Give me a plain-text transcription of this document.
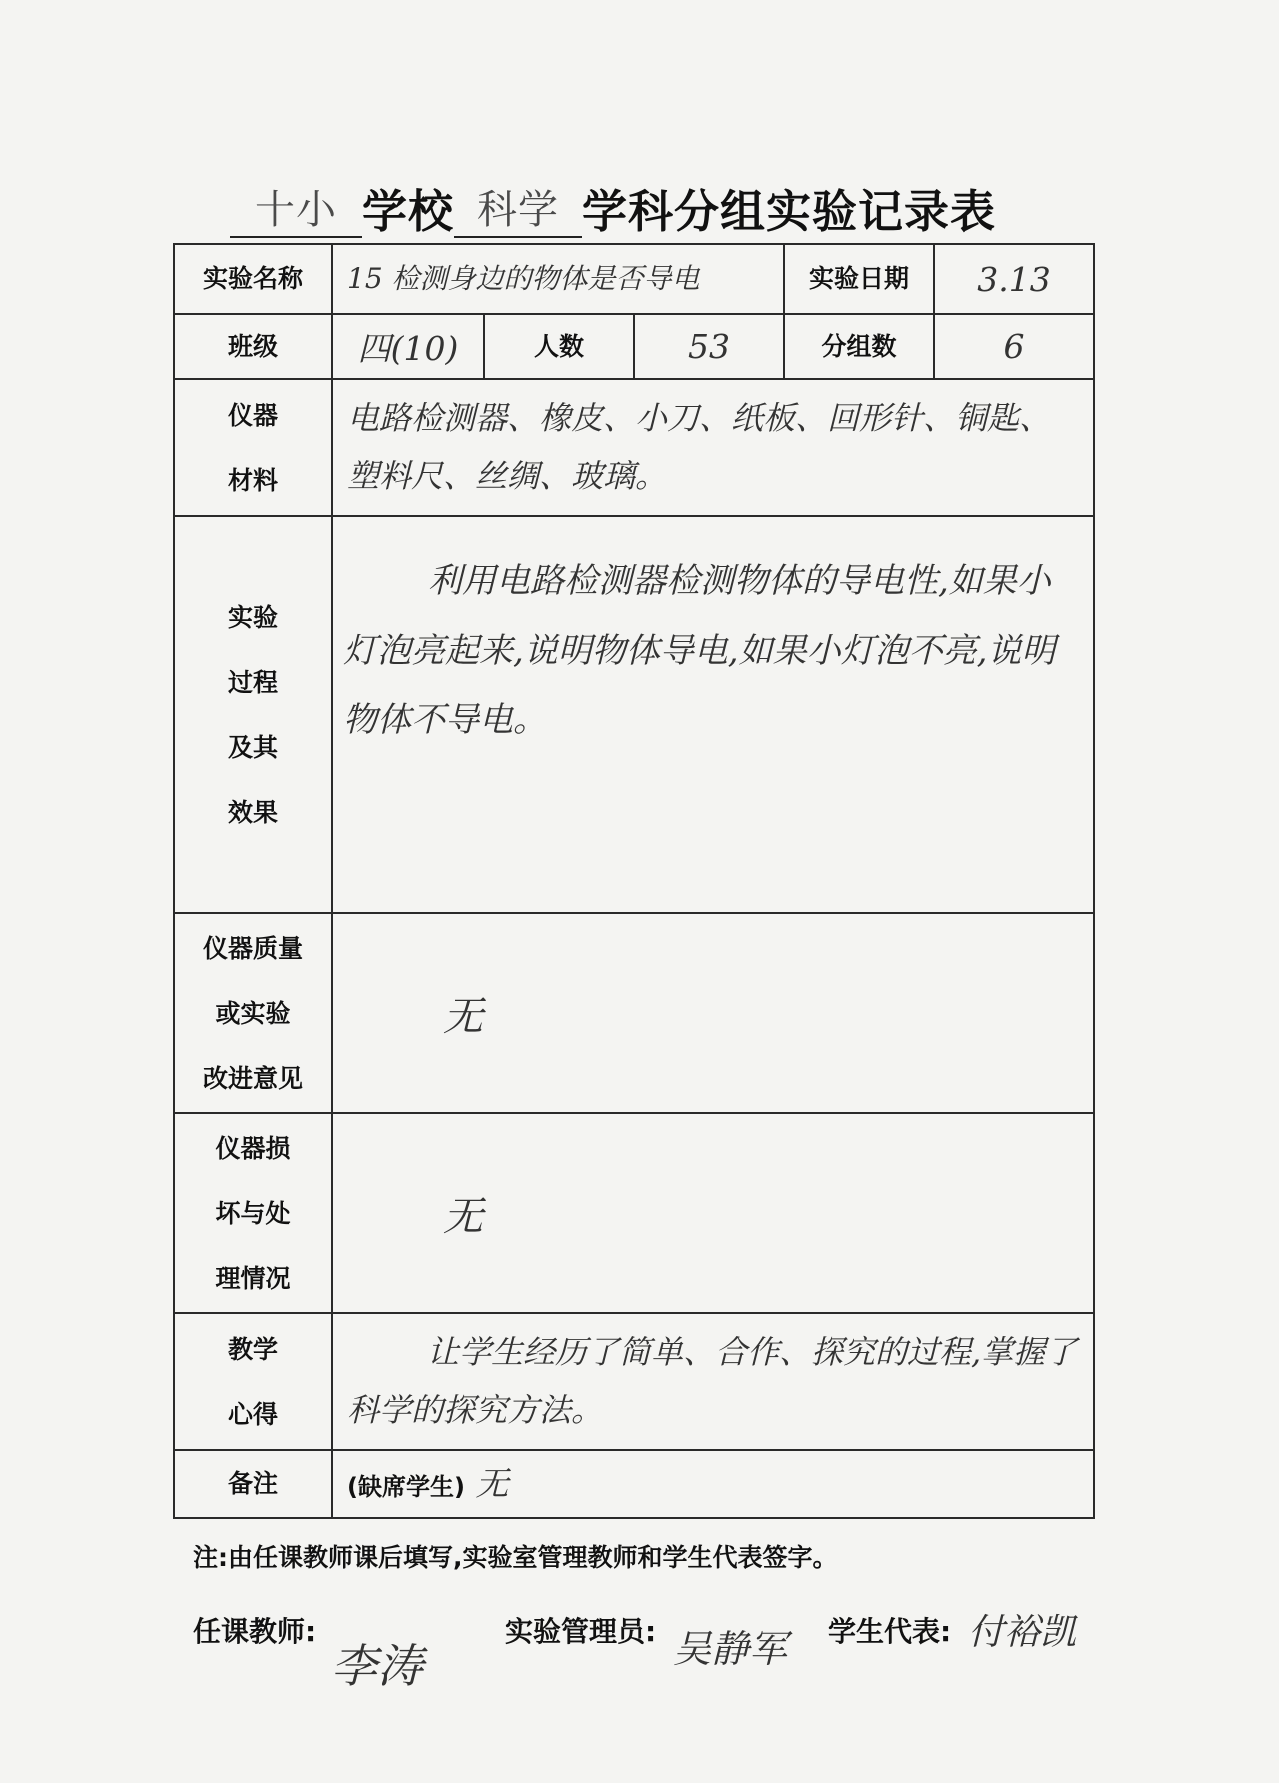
十小 学校 科学 学科分组实验记录表
实验名称	15 检测身边的物体是否导电			实验日期	3.13
班级	四(10)	人数	53	分组数	6

仪器
材料	电路检测器、橡皮、小刀、纸板、回形针、铜匙、塑料尺、丝绸、玻璃。				

实验
过程
及其
效果	利用电路检测器检测物体的导电性,如果小灯泡亮起来,说明物体导电,如果小灯泡不亮,说明物体不导电。				

仪器质量
或实验
改进意见	无				

仪器损
坏与处
理情况	无				

教学
心得	让学生经历了简单、合作、探究的过程,掌握了科学的探究方法。				
备注	(缺席学生) 无				
注:由任课教师课后填写,实验室管理教师和学生代表签字。
任课教师:
李涛
实验管理员: 吴静军 学生代表: 付裕凯
